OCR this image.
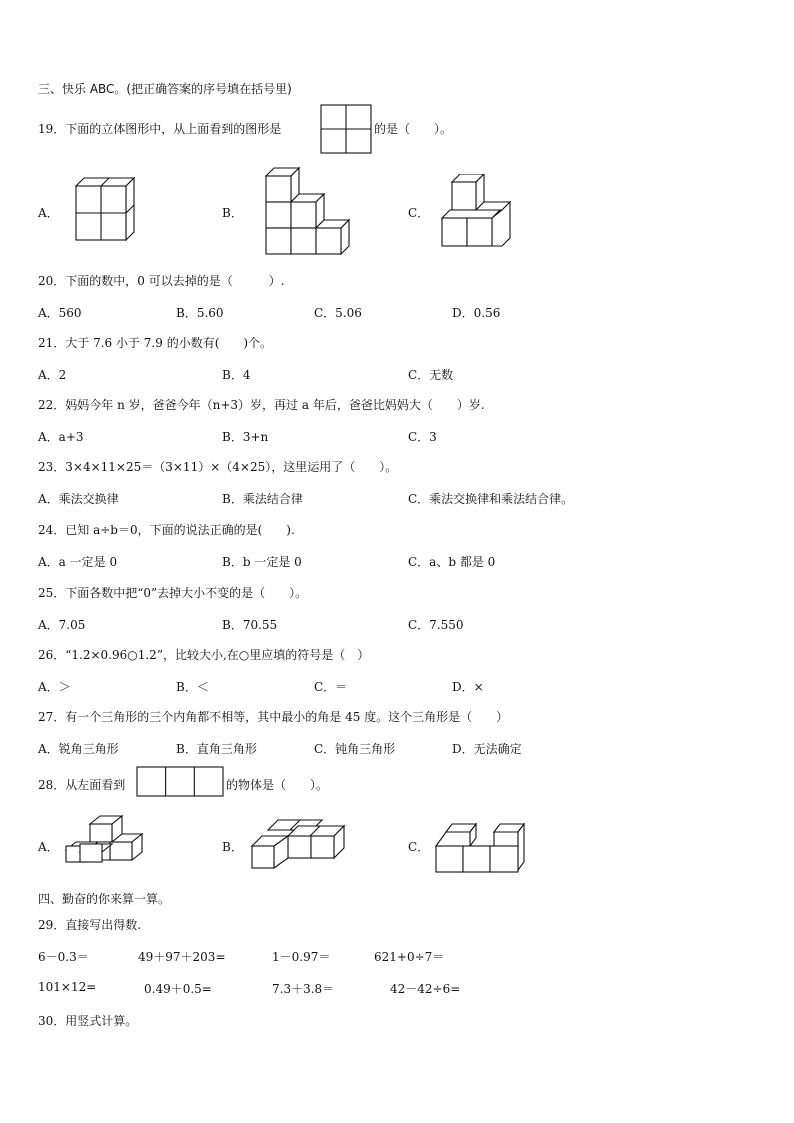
三、快乐 ABC。(把正确答案的序号填在括号里)
19．下面的立体图形中，从上面看到的图形是	的是（　　）。
A．	B．	C．
20．下面的数中，0 可以去掉的是（　　　）.
A．560	B．5.60	C．5.06	D．0.56
21．大于 7.6 小于 7.9 的小数有(　　)个。
A．2	B．4	C．无数
22．妈妈今年 n 岁，爸爸今年（n+3）岁，再过 a 年后，爸爸比妈妈大（　　）岁.
A．a+3	B．3+n	C．3
23．3×4×11×25＝（3×11）×（4×25），这里运用了（　　）。
A．乘法交换律	B．乘法结合律	C．乘法交换律和乘法结合律。
24．已知 a÷b＝0，下面的说法正确的是(　　).
A．a 一定是 0	B．b 一定是 0	C．a、b 都是 0
25．下面各数中把“0”去掉大小不变的是（　　）。
A．7.05	B．70.55	C．7.550
26．“1.2×0.96○1.2”，比较大小,在○里应填的符号是（　）
A．＞	B．＜	C．＝	D．×
27．有一个三角形的三个内角都不相等，其中最小的角是 45 度。这个三角形是（　　）
A．锐角三角形	B．直角三角形	C．钝角三角形	D．无法确定
28．从左面看到	的物体是（　　）。
A．	B．	C．
四、勤奋的你来算一算。
29．直接写出得数.
6－0.3＝	49＋97＋203=	1－0.97＝	621+0÷7＝
101×12=	0.49＋0.5=	7.3＋3.8＝	42－42÷6=
30．用竖式计算。
